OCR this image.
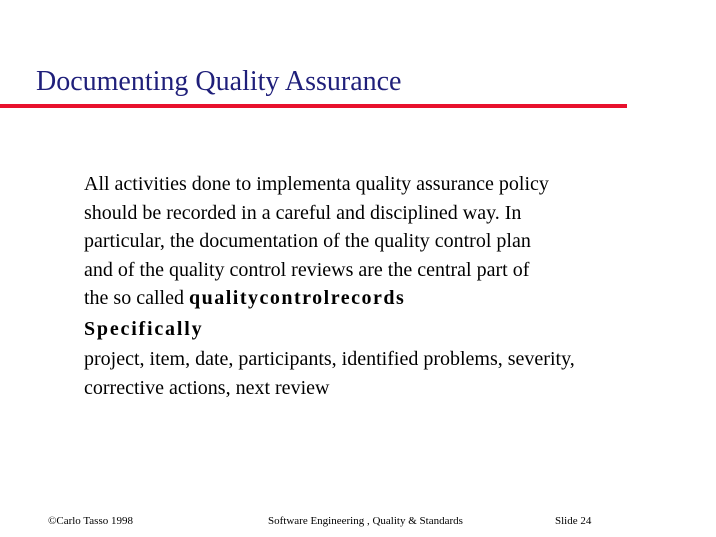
Documenting Quality Assurance

All activities done to implementa quality assurance policy
should be recorded in a careful and disciplined way. In
particular, the documentation of the quality control plan
and of the quality control reviews are the central part of
the so called qualitycontrolrecords

Specifically

project, item, date, participants, identified problems, severity,
corrective actions, next review

©Carlo Tasso 1998	Software Engineering , Quality & Standards	Slide 24
